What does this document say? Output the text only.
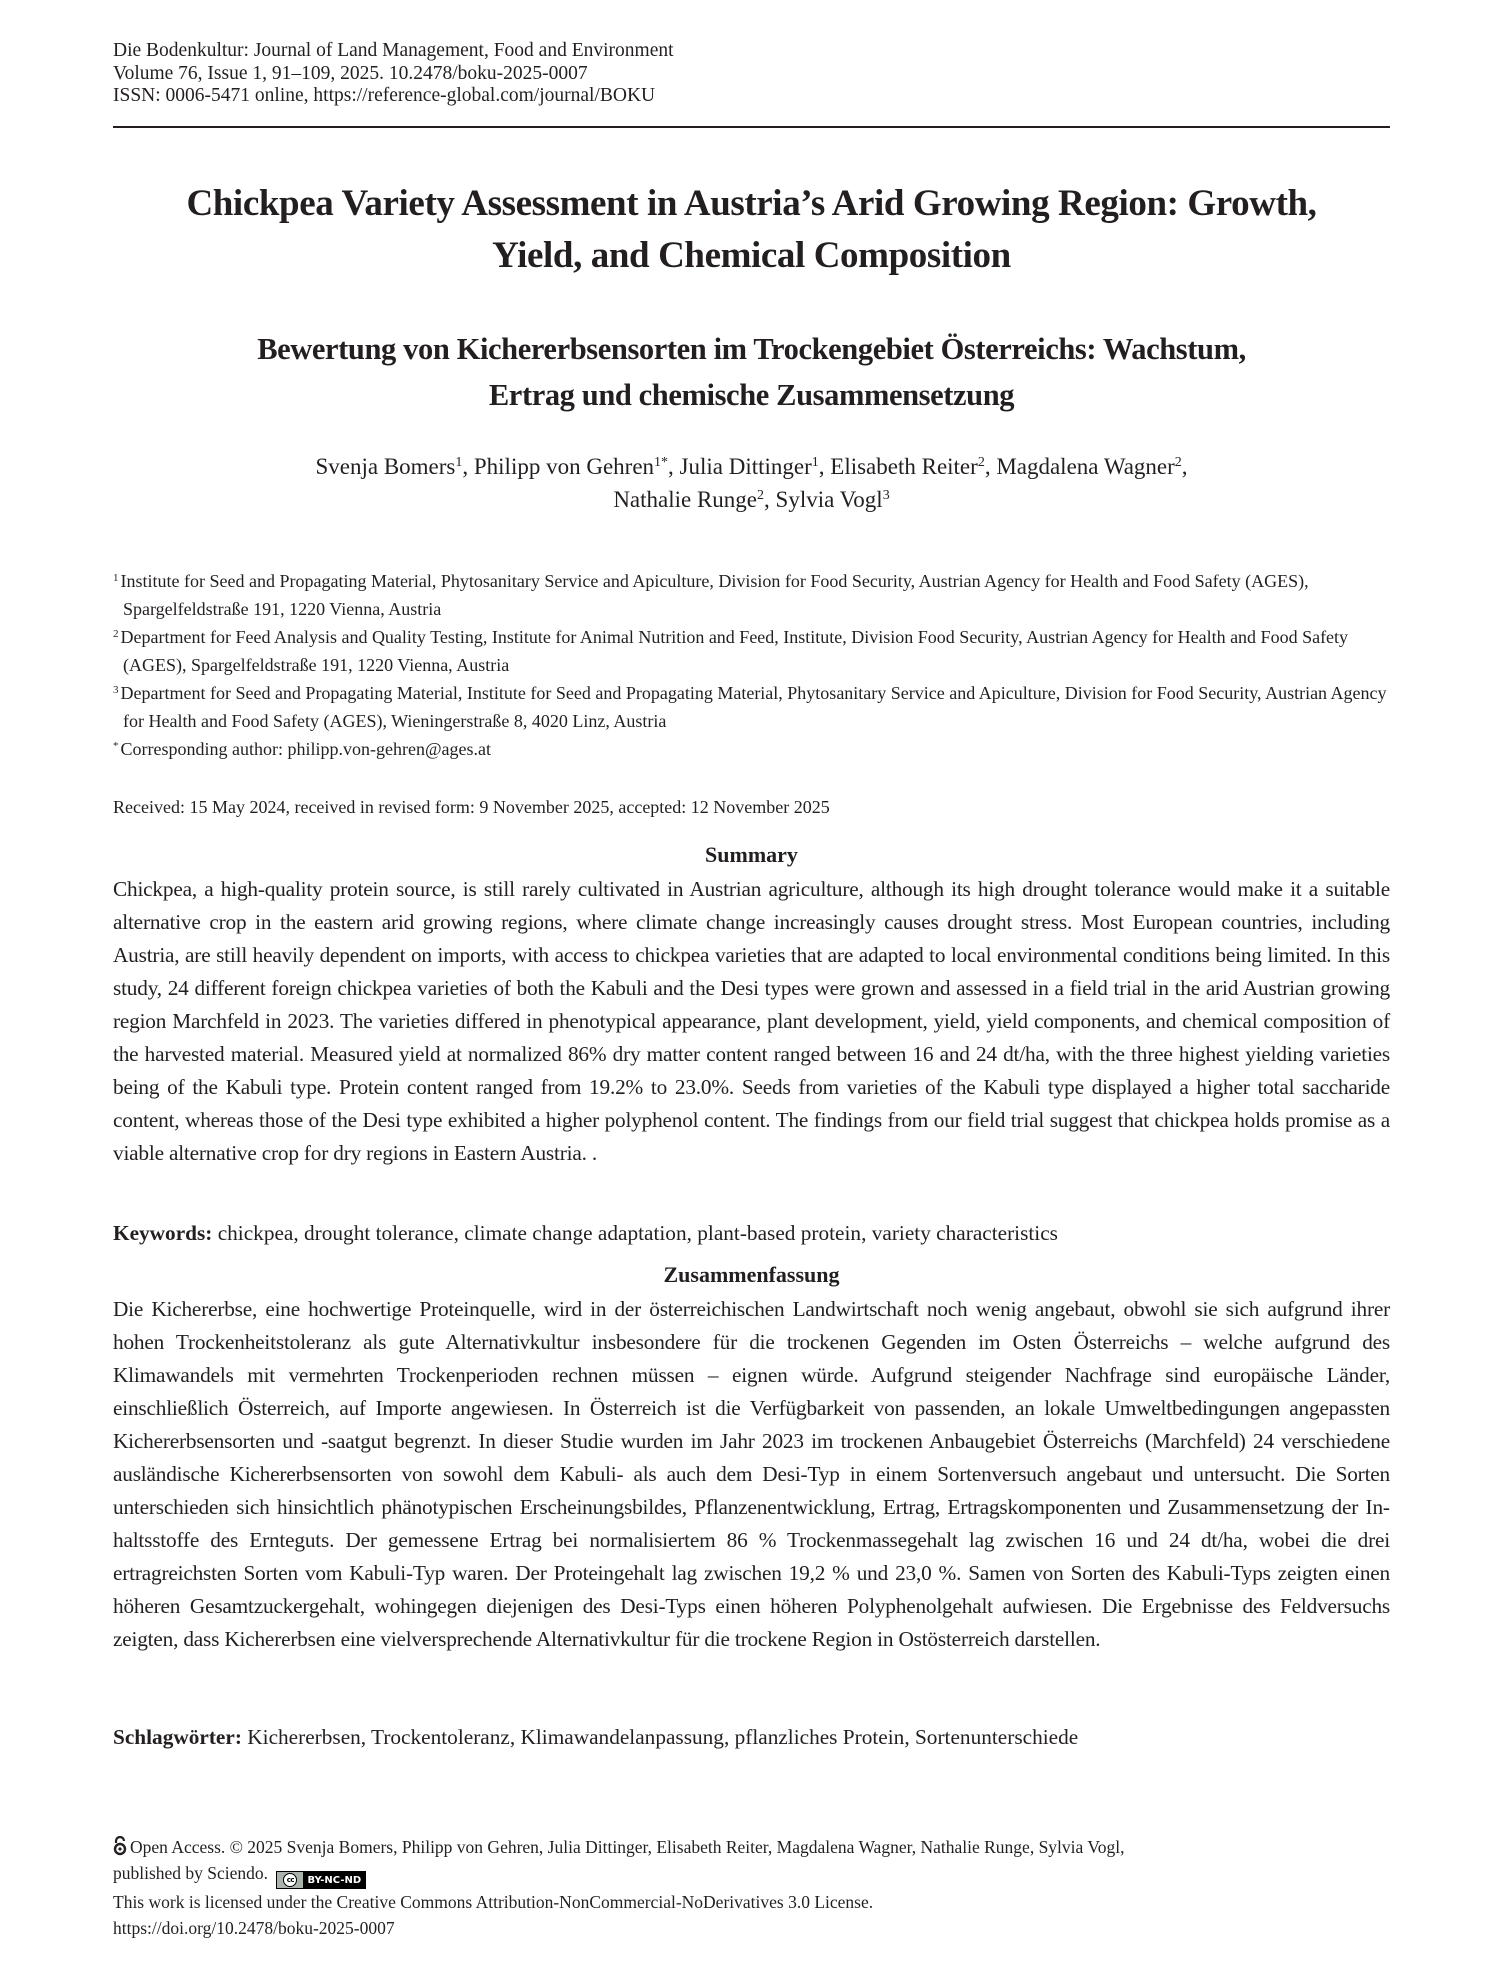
Die Bodenkultur: Journal of Land Management, Food and Environment
Volume 76, Issue 1, 91–109, 2025. 10.2478/boku-2025-0007
ISSN: 0006-5471 online, https://reference-global.com/journal/BOKU
Chickpea Variety Assessment in Austria’s Arid Growing Region: Growth,
Yield, and Chemical Composition
Bewertung von Kichererbsensorten im Trockengebiet Österreichs: Wachstum,
Ertrag und chemische Zusammensetzung
Svenja Bomers$^1$, Philipp von Gehren$^{1*}$, Julia Dittinger$^1$, Elisabeth Reiter$^2$, Magdalena Wagner$^2$,
Nathalie Runge$^2$, Sylvia Vogl$^3$
$^1$ Institute for Seed and Propagating Material, Phytosanitary Service and Apiculture, Division for Food Security, Austrian Agency for Health and Food Safety (AGES), Spargelfeldstraße 191, 1220 Vienna, Austria
$^2$ Department for Feed Analysis and Quality Testing, Institute for Animal Nutrition and Feed, Institute, Division Food Security, Austrian Agency for Health and Food Safety (AGES), Spargelfeldstraße 191, 1220 Vienna, Austria
$^3$ Department for Seed and Propagating Material, Institute for Seed and Propagating Material, Phytosanitary Service and Apiculture, Division for Food Security, Austrian Agency for Health and Food Safety (AGES), Wieningerstraße 8, 4020 Linz, Austria
* Corresponding author: philipp.von-gehren@ages.at
Received: 15 May 2024, received in revised form: 9 November 2025, accepted: 12 November 2025
Summary
Chickpea, a high-quality protein source, is still rarely cultivated in Austrian agriculture, although its high drought tolerance would make it a suitable alternative crop in the eastern arid growing regions, where climate change increasingly causes drought stress. Most European countries, including Austria, are still heavily dependent on imports, with access to chickpea varieties that are adapted to local environmental conditions being limited. In this study, 24 different foreign chickpea varieties of both the Kabuli and the Desi types were grown and assessed in a field trial in the arid Austrian growing region Marchfeld in 2023. The varieties differed in phenotypical appearance, plant development, yield, yield components, and chemical composition of the harvested material. Measured yield at normalized 86% dry matter content ranged between 16 and 24 dt/ha, with the three highest yielding varieties being of the Kabuli type. Protein content ranged from 19.2% to 23.0%. Seeds from varieties of the Kabuli type displayed a higher total saccharide content, whereas those of the Desi type exhibited a higher polyphenol content. The findings from our field trial suggest that chickpea holds promise as a viable alternative crop for dry regions in Eastern Austria. .
Keywords: chickpea, drought tolerance, climate change adaptation, plant-based protein, variety characteristics
Zusammenfassung
Die Kichererbse, eine hochwertige Proteinquelle, wird in der österreichischen Landwirtschaft noch wenig angebaut, obwohl sie sich aufgrund ihrer hohen Trockenheitstoleranz als gute Alternativkultur insbesondere für die trockenen Gegenden im Osten Österreichs – welche aufgrund des Klimawandels mit vermehrten Trockenperioden rechnen müssen – eignen würde. Aufgrund steigender Nachfrage sind europäische Länder, einschließlich Österreich, auf Importe angewiesen. In Österreich ist die Verfügbarkeit von passenden, an lokale Umweltbedingungen angepassten Kichererbsensorten und -saatgut begrenzt. In dieser Studie wurden im Jahr 2023 im trockenen Anbaugebiet Österreichs (Marchfeld) 24 verschiedene ausländische Kichererbsensorten von sowohl dem Kabuli- als auch dem Desi-Typ in einem Sortenversuch angebaut und untersucht. Die Sorten unterschieden sich hinsichtlich phänotypischen Erscheinungsbildes, Pflanzenentwicklung, Ertrag, Ertragskomponenten und Zusammensetzung der Inhaltsstoffe des Ernteguts. Der gemessene Ertrag bei normalisiertem 86 % Trockenmassegehalt lag zwischen 16 und 24 dt/ha, wobei die drei ertragreichsten Sorten vom Kabuli-Typ waren. Der Proteingehalt lag zwischen 19,2 % und 23,0 %. Samen von Sorten des Kabuli-Typs zeigten einen höheren Gesamtzuckergehalt, wohingegen diejenigen des Desi-Typs einen höheren Polyphenolgehalt aufwiesen. Die Ergebnisse des Feldversuchs zeigten, dass Kichererbsen eine vielversprechende Alternativkultur für die trockene Region in Ostösterreich darstellen.
Schlagwörter: Kichererbsen, Trockentoleranz, Klimawandelanpassung, pflanzliches Protein, Sortenunterschiede
Open Access. © 2025 Svenja Bomers, Philipp von Gehren, Julia Dittinger, Elisabeth Reiter, Magdalena Wagner, Nathalie Runge, Sylvia Vogl,
published by Sciendo.	cc	BY-NC-ND
This work is licensed under the Creative Commons Attribution-NonCommercial-NoDerivatives 3.0 License.
https://doi.org/10.2478/boku-2025-0007
